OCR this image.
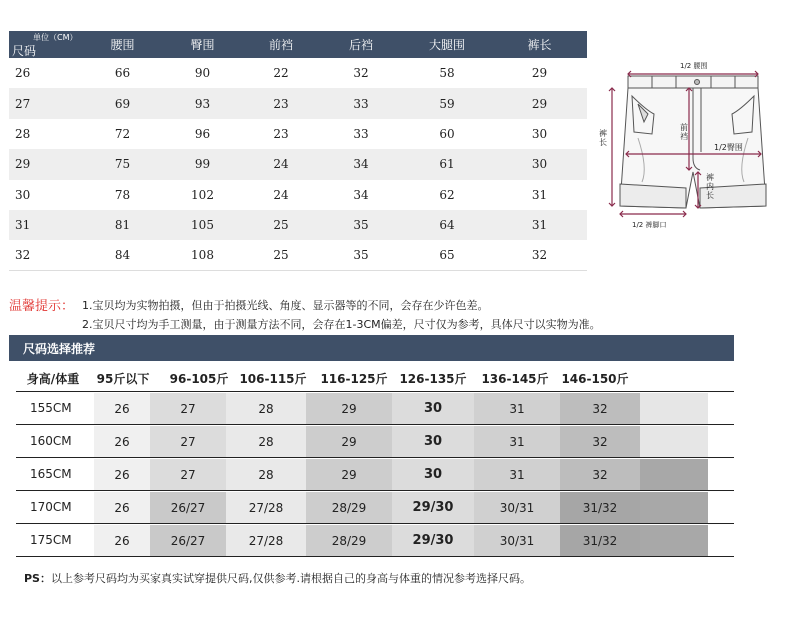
单位（CM）
尺码	腰围	臀围	前裆	后裆	大腿围	裤长
26	66	90	22	32	58	29
27	69	93	23	33	59	29
28	72	96	23	33	60	30
29	75	99	24	34	61	30
30	78	102	24	34	62	31
31	81	105	25	35	64	31
32	84	108	25	35	65	32
1/2 腰围
前裆
裤长
1/2臀围
裤内长
1/2 裤脚口
温馨提示： 1.宝贝均为实物拍摄，但由于拍摄光线、角度、显示器等的不同，会存在少许色差。
2.宝贝尺寸均为手工测量，由于测量方法不同，会存在1-3CM偏差，尺寸仅为参考，具体尺寸以实物为准。
尺码选择推荐
身高/体重 95斤以下 96-105斤 106-115斤 116-125斤 126-135斤 136-145斤 146-150斤
155CM	26	27	28	29	30	31	32
160CM	26	27	28	29	30	31	32
165CM	26	27	28	29	30	31	32
170CM	26	26/27	27/28	28/29	29/30	30/31	31/32
175CM	26	26/27	27/28	28/29	29/30	30/31	31/32
PS：以上参考尺码均为买家真实试穿提供尺码,仅供参考.请根据自己的身高与体重的情况参考选择尺码。
